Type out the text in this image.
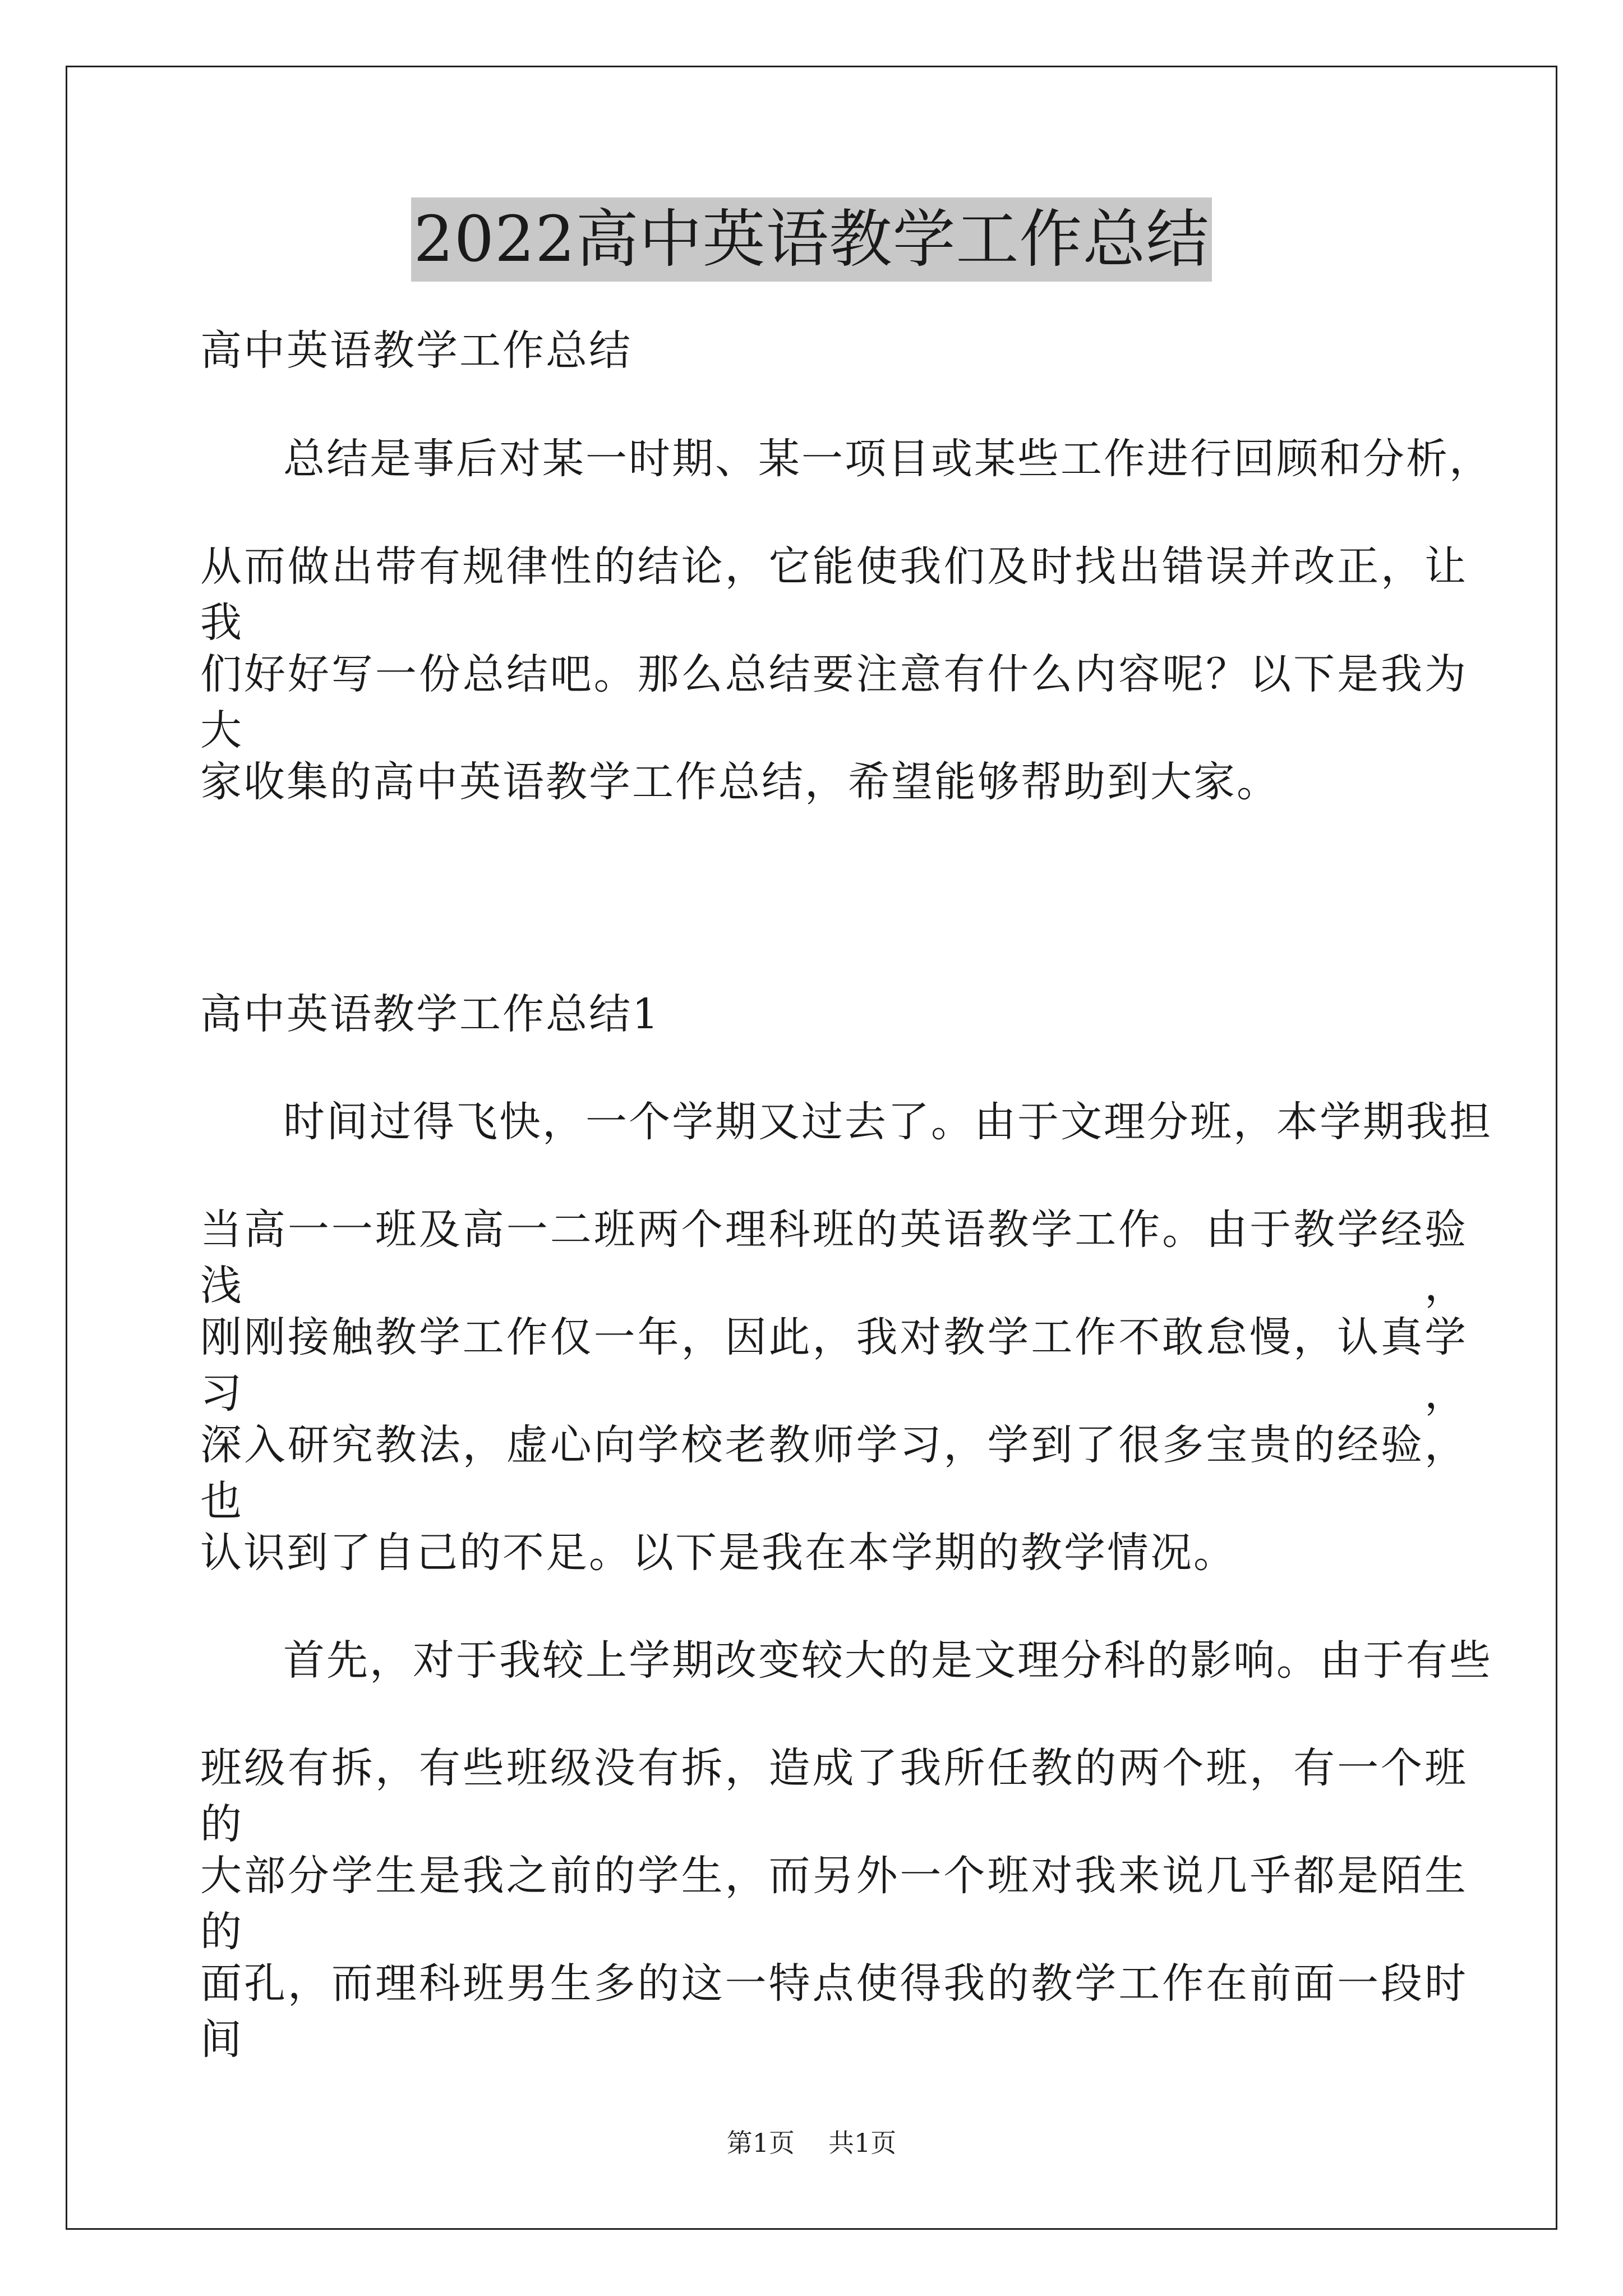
2022高中英语教学工作总结
高中英语教学工作总结
总结是事后对某一时期、某一项目或某些工作进行回顾和分析，
从而做出带有规律性的结论，它能使我们及时找出错误并改正，让我
们好好写一份总结吧。那么总结要注意有什么内容呢？以下是我为大
家收集的高中英语教学工作总结，希望能够帮助到大家。
高中英语教学工作总结1
时间过得飞快，一个学期又过去了。由于文理分班，本学期我担
当高一一班及高一二班两个理科班的英语教学工作。由于教学经验浅，
刚刚接触教学工作仅一年，因此，我对教学工作不敢怠慢，认真学习，
深入研究教法，虚心向学校老教师学习，学到了很多宝贵的经验，也
认识到了自己的不足。以下是我在本学期的教学情况。
首先，对于我较上学期改变较大的是文理分科的影响。由于有些
班级有拆，有些班级没有拆，造成了我所任教的两个班，有一个班的
大部分学生是我之前的学生，而另外一个班对我来说几乎都是陌生的
面孔，而理科班男生多的这一特点使得我的教学工作在前面一段时间
第1页 共1页
